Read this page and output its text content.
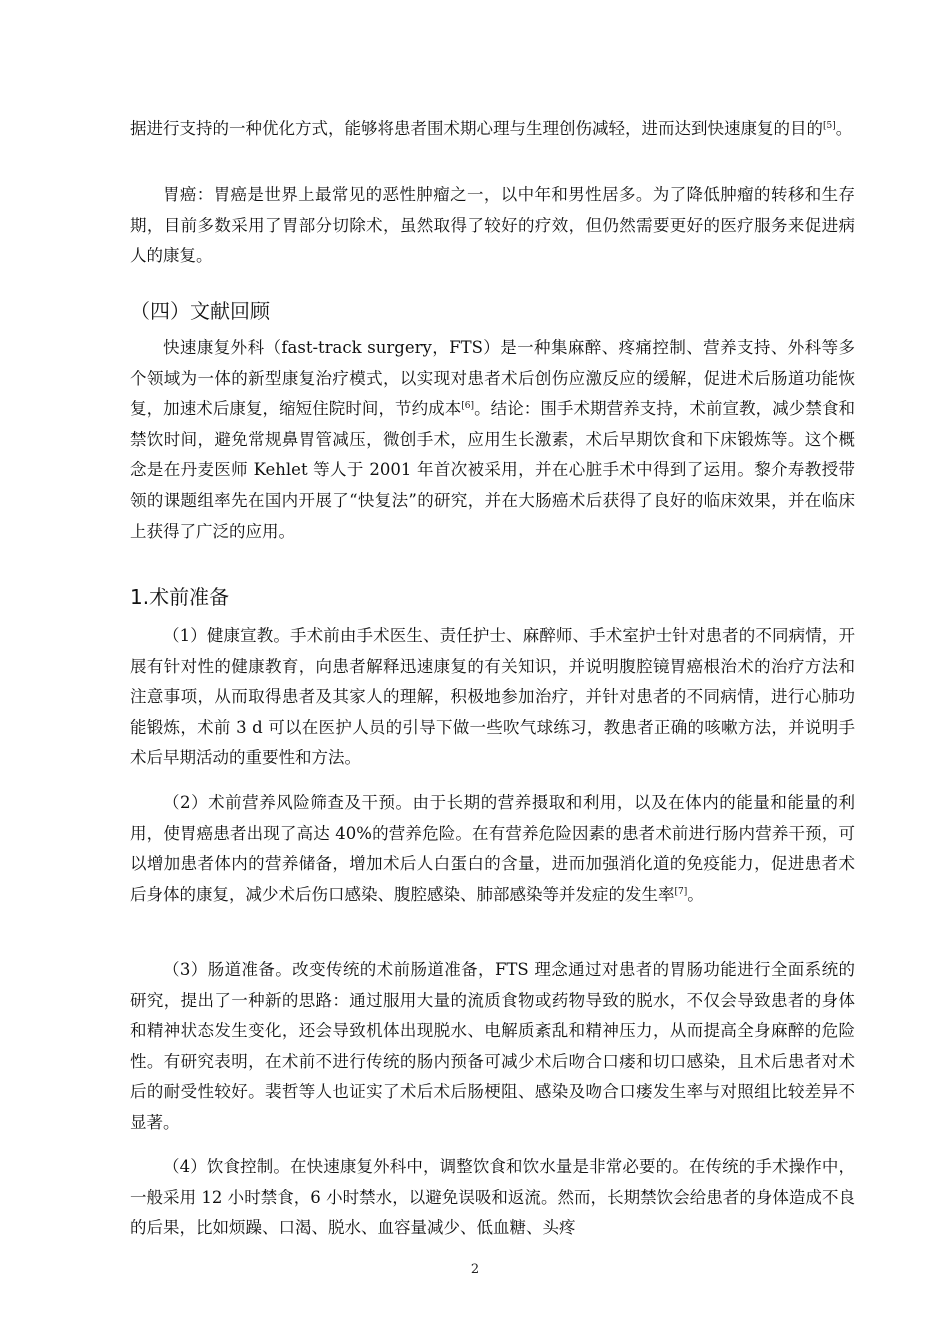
据进行支持的一种优化方式，能够将患者围术期心理与生理创伤减轻，进而达到快速康复的目的[5]。

胃癌：胃癌是世界上最常见的恶性肿瘤之一，以中年和男性居多。为了降低肿瘤的转移和生存期，目前多数采用了胃部分切除术，虽然取得了较好的疗效，但仍然需要更好的医疗服务来促进病人的康复。

（四）文献回顾

快速康复外科（fast-track surgery，FTS）是一种集麻醉、疼痛控制、营养支持、外科等多个领域为一体的新型康复治疗模式，以实现对患者术后创伤应激反应的缓解，促进术后肠道功能恢复，加速术后康复，缩短住院时间，节约成本[6]。结论：围手术期营养支持，术前宣教，减少禁食和禁饮时间，避免常规鼻胃管减压，微创手术，应用生长激素，术后早期饮食和下床锻炼等。这个概念是在丹麦医师 Kehlet 等人于 2001 年首次被采用，并在心脏手术中得到了运用。黎介寿教授带领的课题组率先在国内开展了“快复法”的研究，并在大肠癌术后获得了良好的临床效果，并在临床上获得了广泛的应用。

1.术前准备

（1）健康宣教。手术前由手术医生、责任护士、麻醉师、手术室护士针对患者的不同病情，开展有针对性的健康教育，向患者解释迅速康复的有关知识，并说明腹腔镜胃癌根治术的治疗方法和注意事项，从而取得患者及其家人的理解，积极地参加治疗，并针对患者的不同病情，进行心肺功能锻炼，术前 3 d 可以在医护人员的引导下做一些吹气球练习，教患者正确的咳嗽方法，并说明手术后早期活动的重要性和方法。

（2）术前营养风险筛查及干预。由于长期的营养摄取和利用，以及在体内的能量和能量的利用，使胃癌患者出现了高达 40%的营养危险。在有营养危险因素的患者术前进行肠内营养干预，可以增加患者体内的营养储备，增加术后人白蛋白的含量，进而加强消化道的免疫能力，促进患者术后身体的康复，减少术后伤口感染、腹腔感染、肺部感染等并发症的发生率[7]。

（3）肠道准备。改变传统的术前肠道准备，FTS 理念通过对患者的胃肠功能进行全面系统的研究，提出了一种新的思路：通过服用大量的流质食物或药物导致的脱水，不仅会导致患者的身体和精神状态发生变化，还会导致机体出现脱水、电解质紊乱和精神压力，从而提高全身麻醉的危险性。有研究表明，在术前不进行传统的肠内预备可减少术后吻合口瘘和切口感染，且术后患者对术后的耐受性较好。裴哲等人也证实了术后术后肠梗阻、感染及吻合口瘘发生率与对照组比较差异不显著。

（4）饮食控制。在快速康复外科中，调整饮食和饮水量是非常必要的。在传统的手术操作中，一般采用 12 小时禁食，6 小时禁水，以避免误吸和返流。然而，长期禁饮会给患者的身体造成不良的后果，比如烦躁、口渴、脱水、血容量减少、低血糖、头疼

2
